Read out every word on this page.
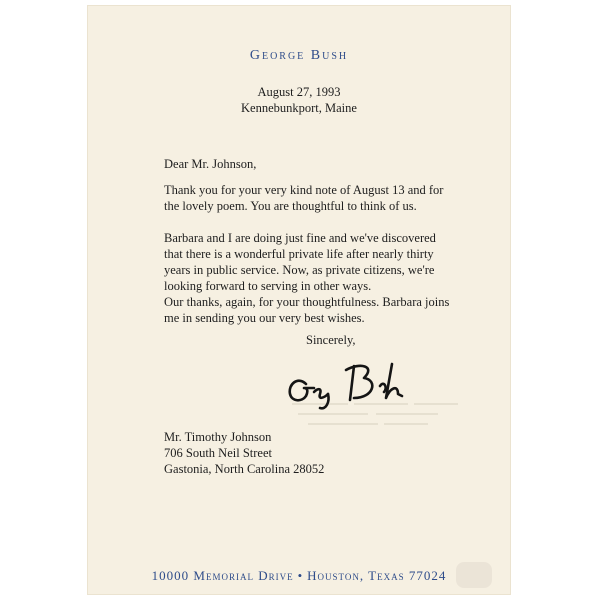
George Bush
August 27, 1993
Kennebunkport, Maine
Dear Mr. Johnson,
Thank you for your very kind note of August 13 and for
the lovely poem. You are thoughtful to think of us.
Barbara and I are doing just fine and we've discovered
that there is a wonderful private life after nearly thirty
years in public service. Now, as private citizens, we're
looking forward to serving in other ways.
Our thanks, again, for your thoughtfulness. Barbara joins
me in sending you our very best wishes.
Sincerely,
Mr. Timothy Johnson
706 South Neil Street
Gastonia, North Carolina 28052
10000 Memorial Drive • Houston, Texas 77024
